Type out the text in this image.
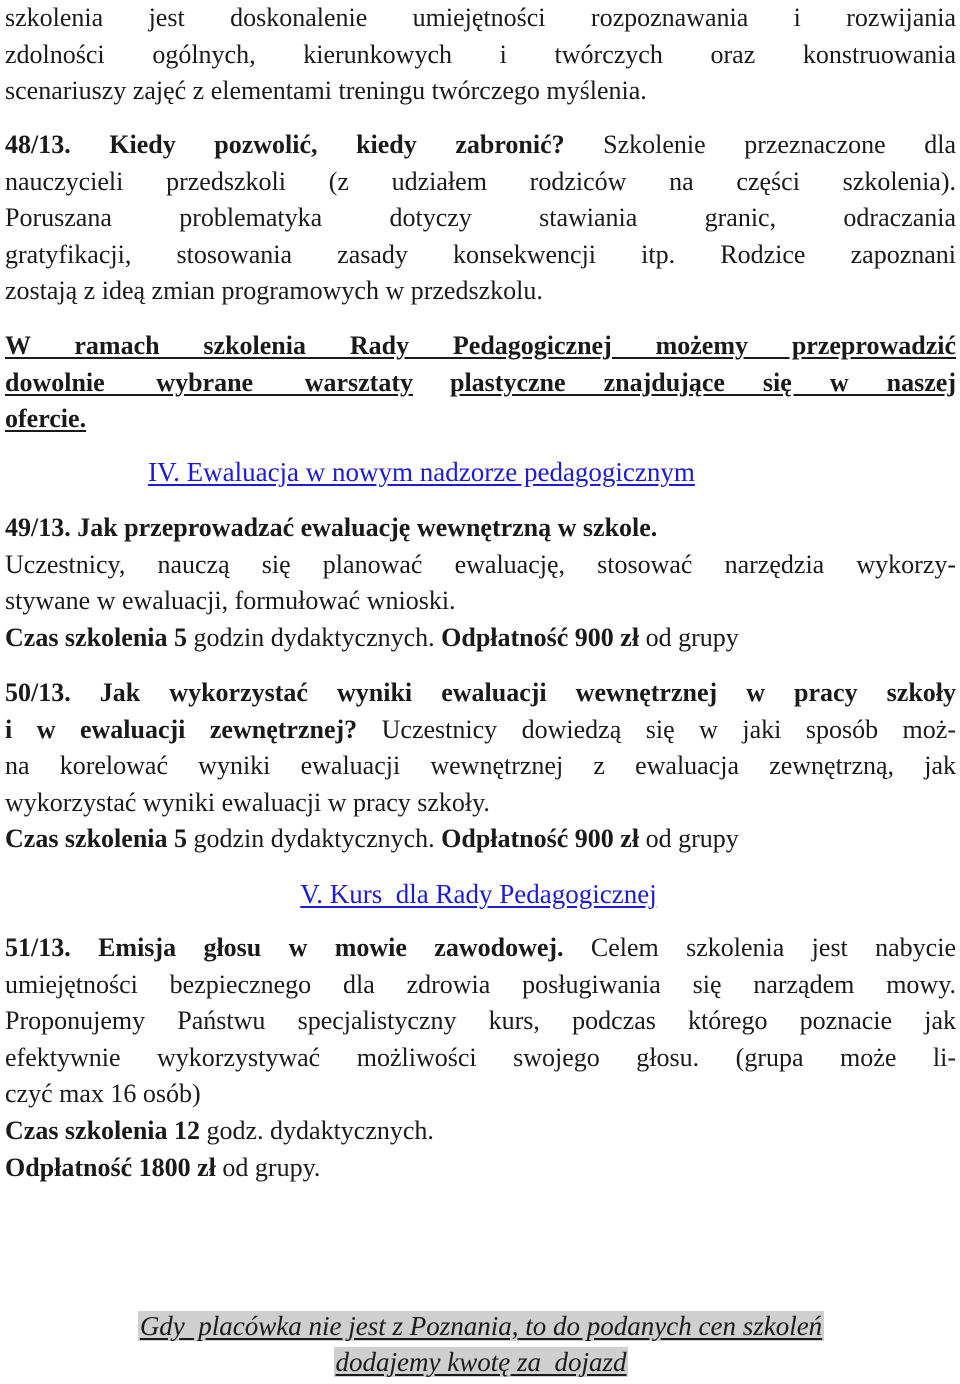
szkolenia jest doskonalenie umiejętności rozpoznawania i rozwijania
zdolności ogólnych, kierunkowych i twórczych oraz konstruowania
scenariuszy zajęć z elementami treningu twórczego myślenia.
48/13. Kiedy pozwolić, kiedy zabronić? Szkolenie przeznaczone dla
nauczycieli przedszkoli (z udziałem rodziców na części szkolenia).
Poruszana problematyka dotyczy stawiania granic, odraczania
gratyfikacji, stosowania zasady konsekwencji itp. Rodzice zapoznani
zostają z ideą zmian programowych w przedszkolu.
W ramach szkolenia Rady Pedagogicznej możemy przeprowadzić
dowolnie wybrane warsztaty plastyczne znajdujące się w naszej
ofercie.
IV. Ewaluacja w nowym nadzorze pedagogicznym
49/13. Jak przeprowadzać ewaluację wewnętrzną w szkole.
Uczestnicy, nauczą się planować ewaluację, stosować narzędzia wykorzy-
stywane w ewaluacji, formułować wnioski.
Czas szkolenia 5 godzin dydaktycznych. Odpłatność 900 zł od grupy
50/13. Jak wykorzystać wyniki ewaluacji wewnętrznej w pracy szkoły
i w ewaluacji zewnętrznej? Uczestnicy dowiedzą się w jaki sposób moż-
na korelować wyniki ewaluacji wewnętrznej z ewaluacja zewnętrzną, jak
wykorzystać wyniki ewaluacji w pracy szkoły.
Czas szkolenia 5 godzin dydaktycznych. Odpłatność 900 zł od grupy
V. Kurs  dla Rady Pedagogicznej
51/13. Emisja głosu w mowie zawodowej. Celem szkolenia jest nabycie
umiejętności bezpiecznego dla zdrowia posługiwania się narządem mowy.
Proponujemy Państwu specjalistyczny kurs, podczas którego poznacie jak
efektywnie wykorzystywać możliwości swojego głosu. (grupa może li-
czyć max 16 osób)
Czas szkolenia 12 godz. dydaktycznych.
Odpłatność 1800 zł od grupy.
Gdy  placówka nie jest z Poznania, to do podanych cen szkoleń
dodajemy kwotę za  dojazd
